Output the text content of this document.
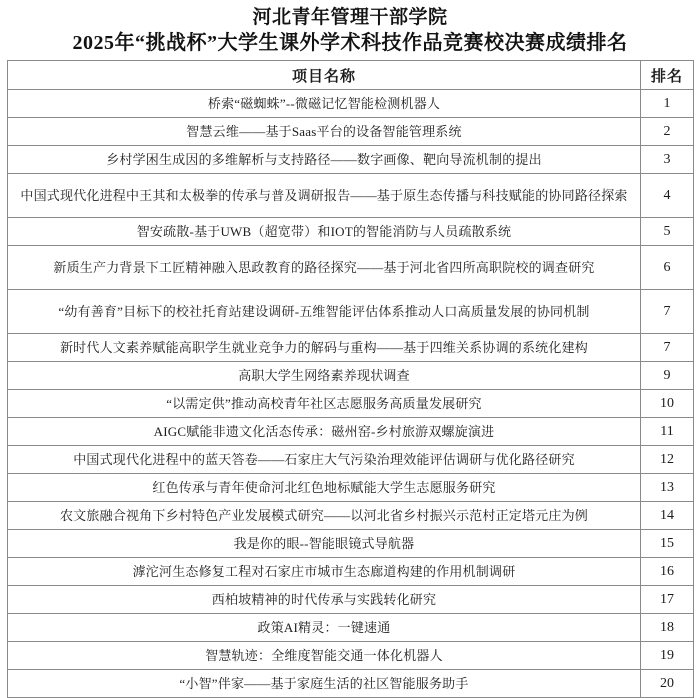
河北青年管理干部学院
2025年“挑战杯”大学生课外学术科技作品竞赛校决赛成绩排名
项目名称	排名
桥索“磁蜘蛛”--微磁记忆智能检测机器人	1
智慧云维——基于Saas平台的设备智能管理系统	2
乡村学困生成因的多维解析与支持路径——数字画像、靶向导流机制的提出	3
中国式现代化进程中王其和太极拳的传承与普及调研报告——基于原生态传播与科技赋能的协同路径探索	4
智安疏散-基于UWB（超宽带）和IOT的智能消防与人员疏散系统	5
新质生产力背景下工匠精神融入思政教育的路径探究——基于河北省四所高职院校的调查研究	6
“幼有善育”目标下的校社托育站建设调研-五维智能评估体系推动人口高质量发展的协同机制	7
新时代人文素养赋能高职学生就业竞争力的解码与重构——基于四维关系协调的系统化建构	7
高职大学生网络素养现状调查	9
“以需定供”推动高校青年社区志愿服务高质量发展研究	10
AIGC赋能非遗文化活态传承：磁州窑-乡村旅游双螺旋演进	11
中国式现代化进程中的蓝天答卷——石家庄大气污染治理效能评估调研与优化路径研究	12
红色传承与青年使命河北红色地标赋能大学生志愿服务研究	13
农文旅融合视角下乡村特色产业发展模式研究——以河北省乡村振兴示范村正定塔元庄为例	14
我是你的眼--智能眼镜式导航器	15
滹沱河生态修复工程对石家庄市城市生态廊道构建的作用机制调研	16
西柏坡精神的时代传承与实践转化研究	17
政策AI精灵：一键速通	18
智慧轨迹：全维度智能交通一体化机器人	19
“小智”伴家——基于家庭生活的社区智能服务助手	20
